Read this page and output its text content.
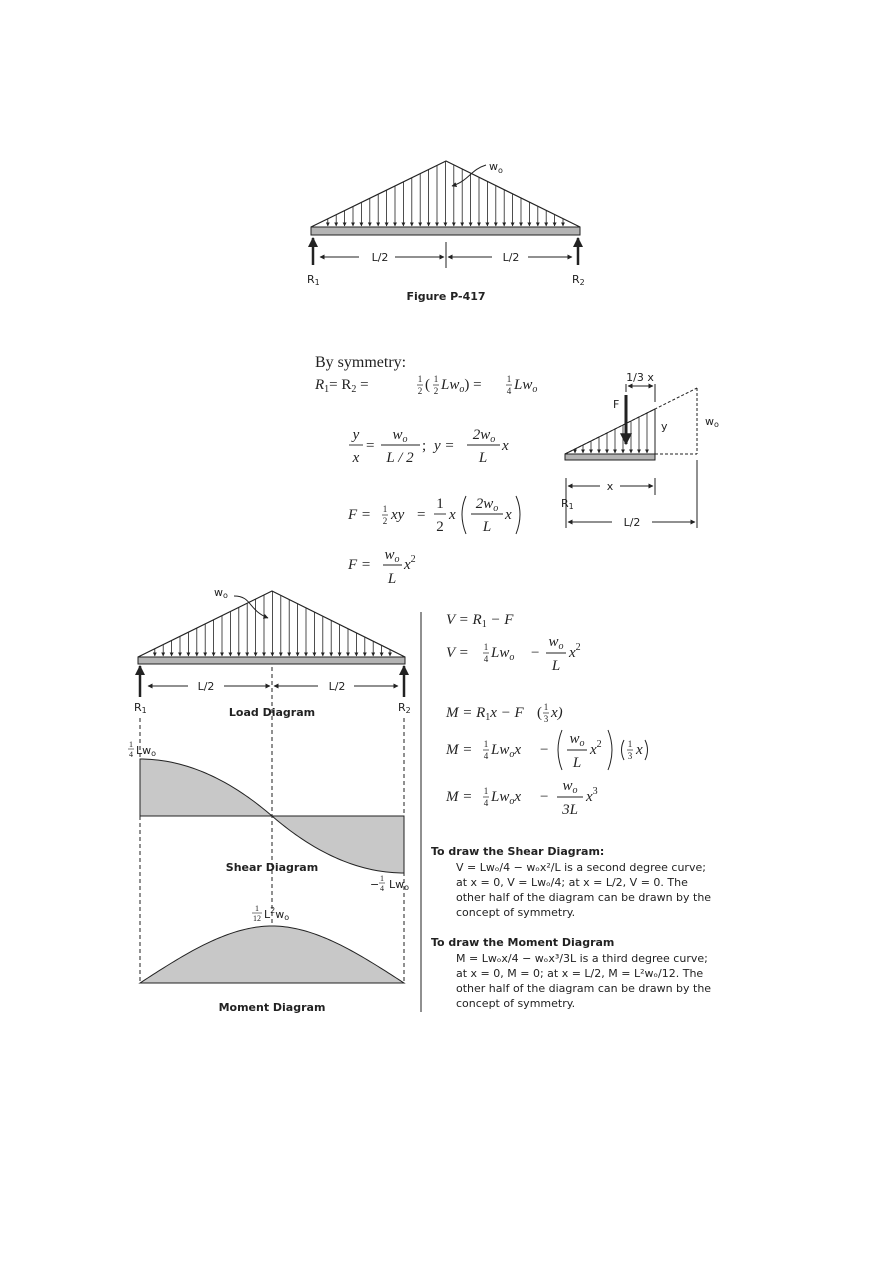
$w_o$
L/2	L/2
R1	R2
Figure P-417
By symmetry:
$R_1= R_2$ =	1
2 ( 1
2 $Lw_o$) =	1
4 $Lw_o$
y
x
=
$w_o$
L / 2
; y =
$2w_o$
L
x
F = 1
2 xy =
1
2
x
$2w_o$
L
x
F =
$w_o$
L
$x^2$
1/3 x
F
y	wo
x
R1
L/2
wo
L/2	L/2
R1	R2
Load Diagram
1
4 Lwo
− 1
4 Lwo
Shear Diagram
1
12 $L^2wo$
Moment Diagram
$V = R_1 - F$
V = 1
4 $Lw_o$ −
$w_o$
L
$x^2$
$M = R_1x - F$ ( 1
3 x)
M = 1
4 $Lw_ox$ −
$w_o$
L
$x^2$	1
3 x
M = 1
4 $Lw_ox$ −
$w_o$
3L
$x^3$
To draw the Shear Diagram:
V = Lwₒ/4 − wₒx²/L is a second degree curve;
at x = 0, V = Lwₒ/4; at x = L/2, V = 0. The
other half of the diagram can be drawn by the
concept of symmetry.
To draw the Moment Diagram
M = Lwₒx/4 − wₒx³/3L is a third degree curve;
at x = 0, M = 0; at x = L/2, M = L²wₒ/12. The
other half of the diagram can be drawn by the
concept of symmetry.
